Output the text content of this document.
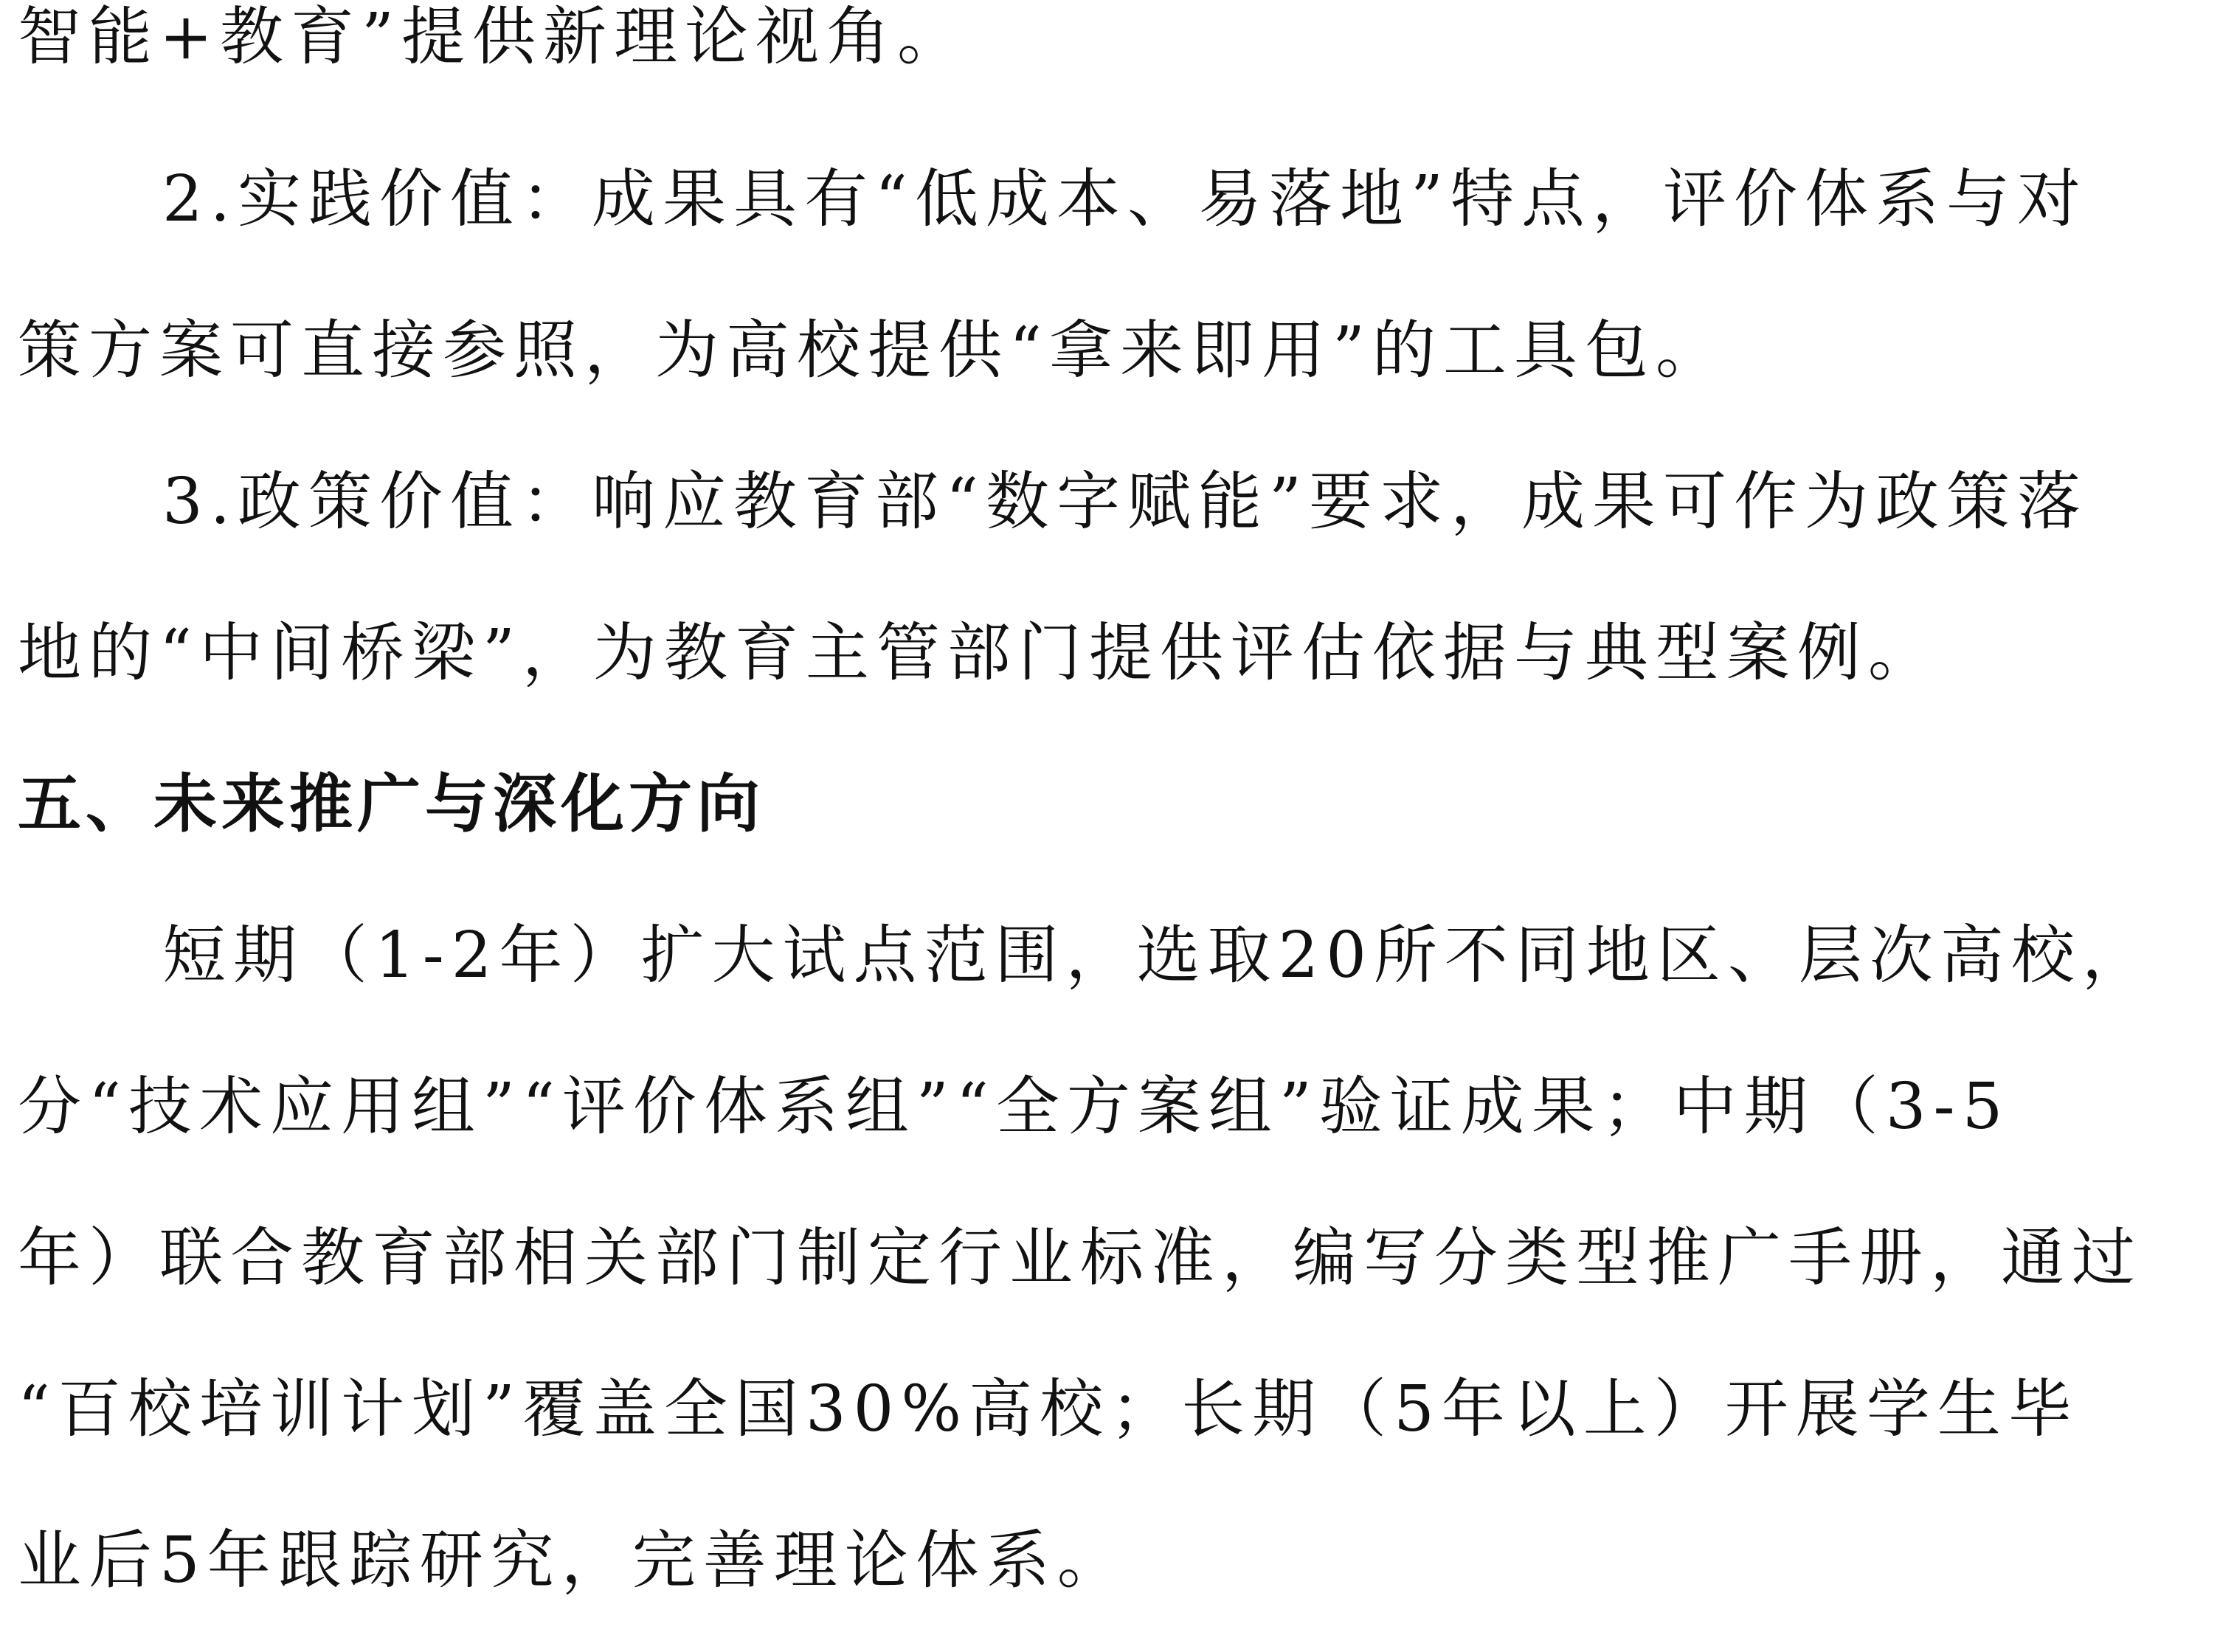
智能+教育”提供新理论视角。
2.实践价值：成果具有“低成本、易落地”特点，评价体系与对
策方案可直接参照，为高校提供“拿来即用”的工具包。
3.政策价值：响应教育部“数字赋能”要求，成果可作为政策落
地的“中间桥梁”，为教育主管部门提供评估依据与典型案例。
五、未来推广与深化方向
短期（1-2年）扩大试点范围，选取20所不同地区、层次高校，
分“技术应用组”“评价体系组”“全方案组”验证成果；中期（3-5
年）联合教育部相关部门制定行业标准，编写分类型推广手册，通过
“百校培训计划”覆盖全国30%高校；长期（5年以上）开展学生毕
业后5年跟踪研究，完善理论体系。
